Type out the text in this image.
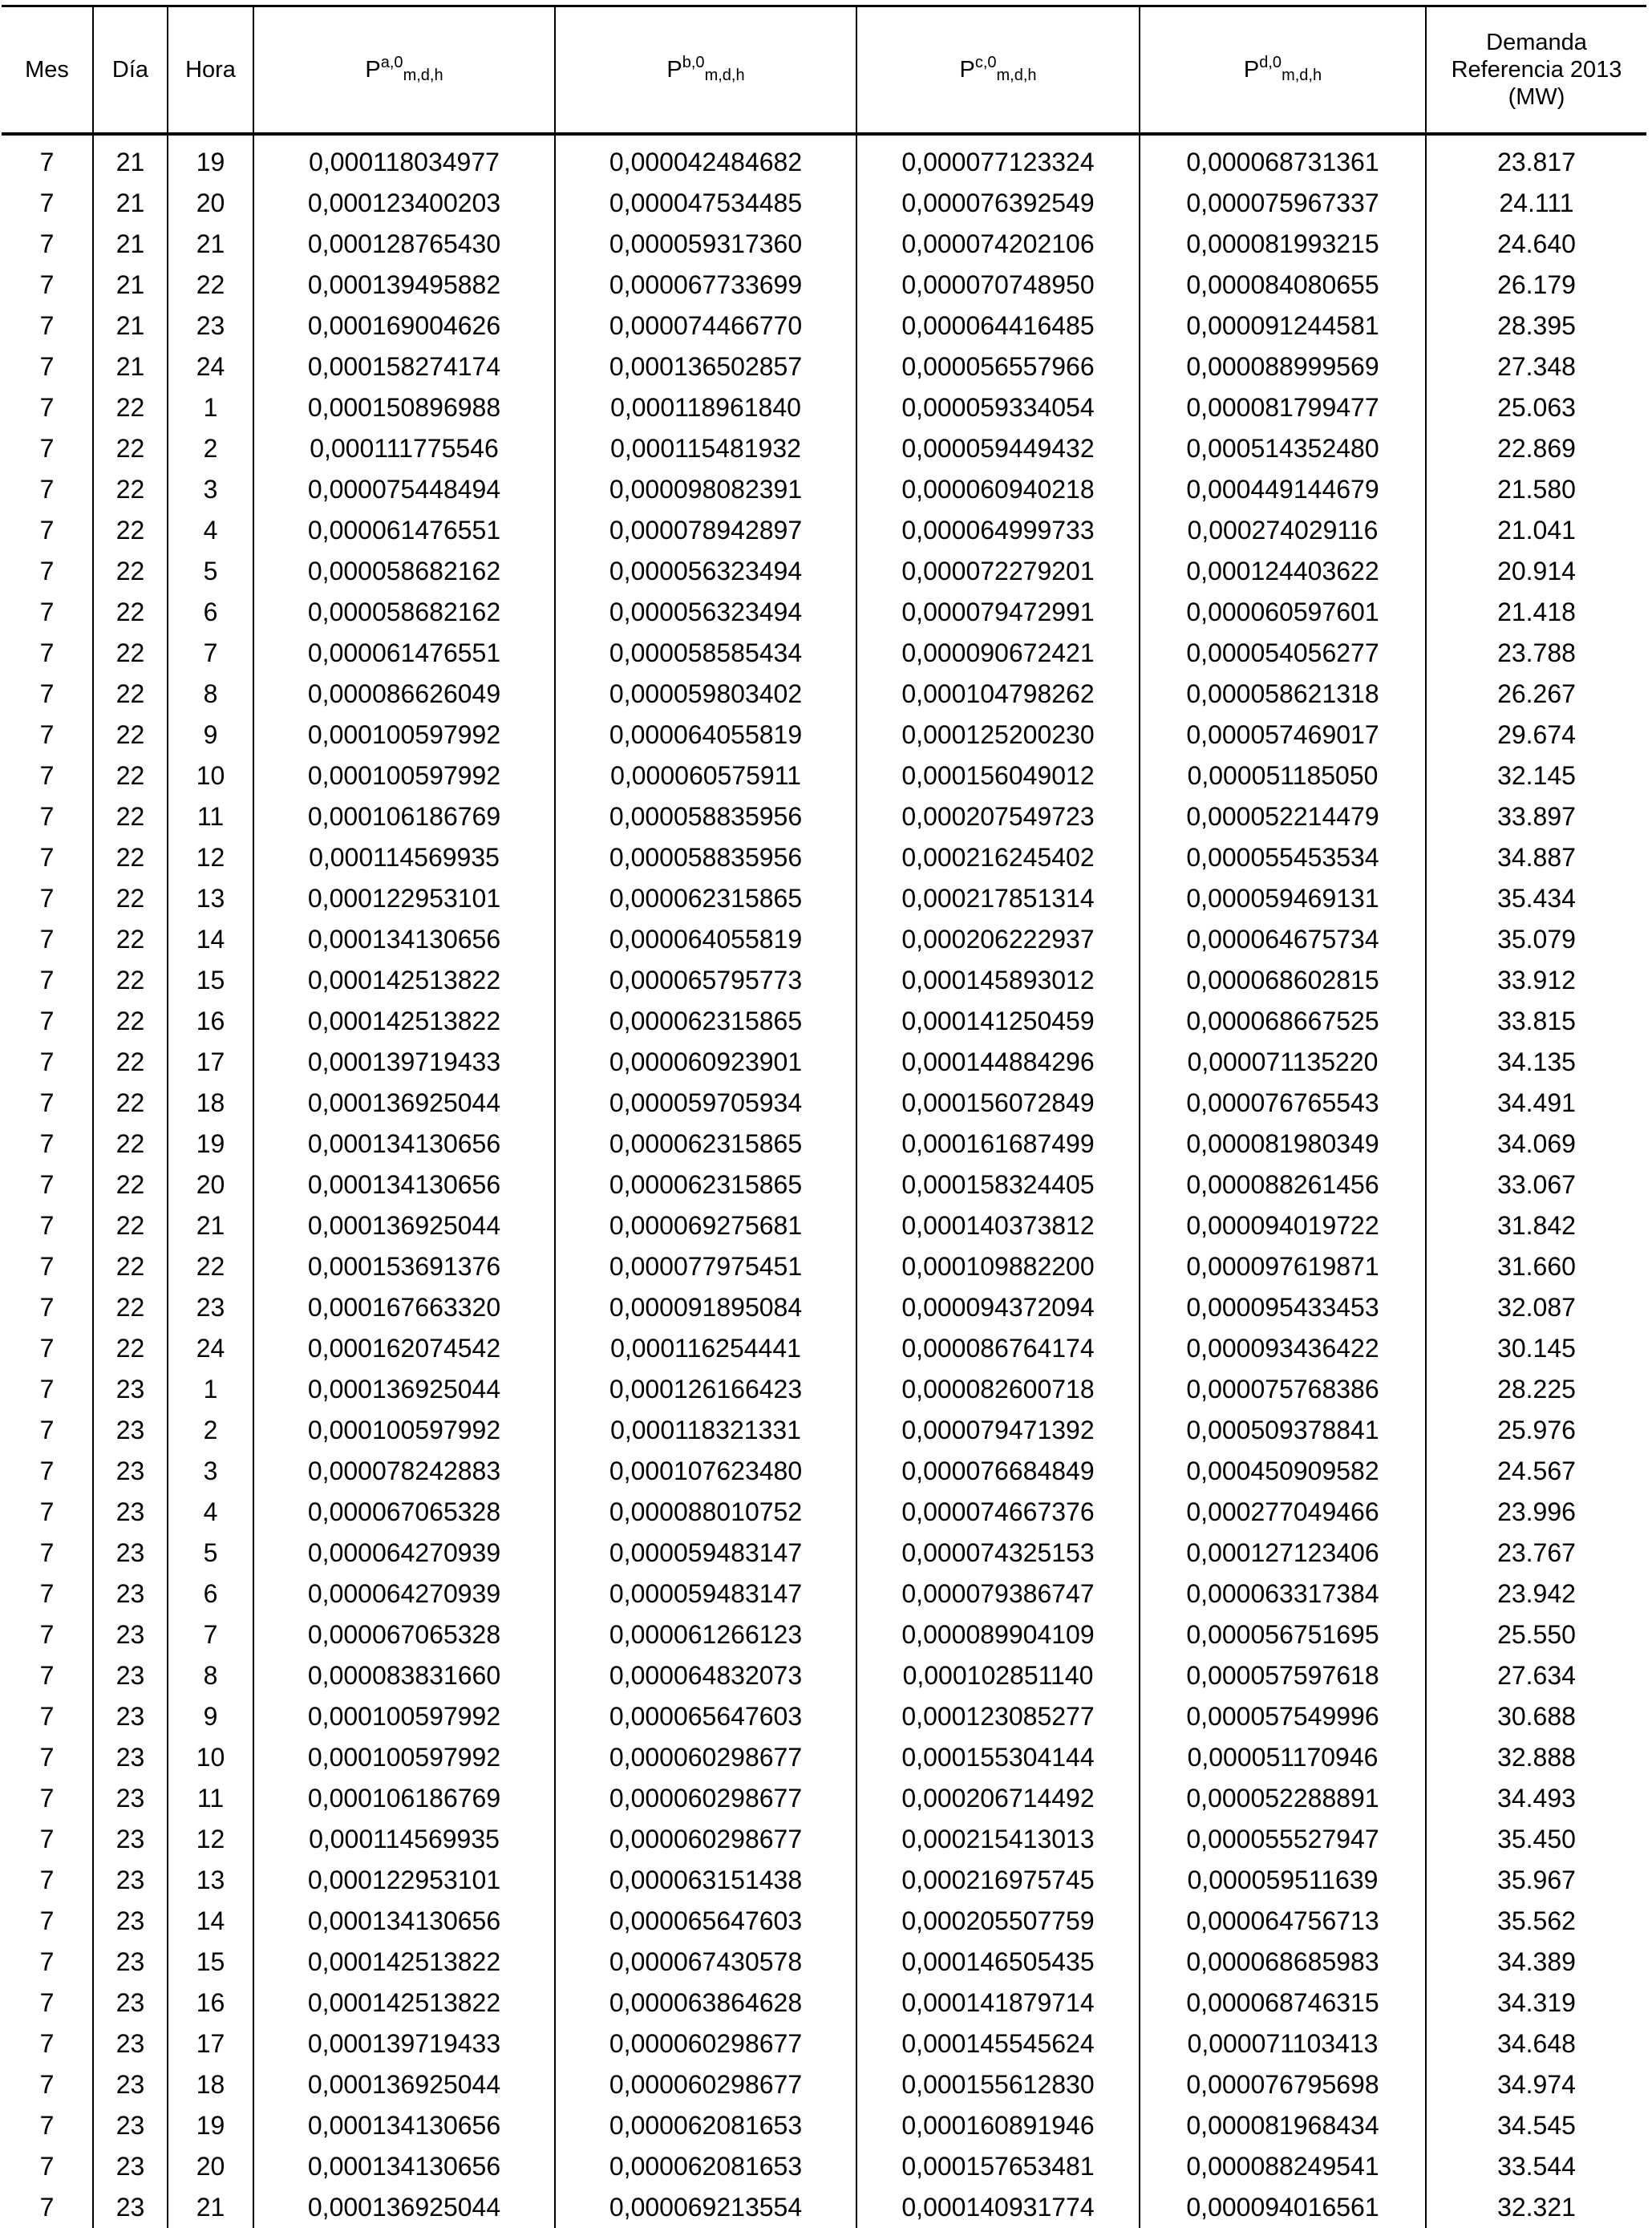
Mes	Día	Hora	P$^{a,0}_{m,d,h}$	P$^{b,0}_{m,d,h}$	P$^{c,0}_{m,d,h}$	P$^{d,0}_{m,d,h}$	Demanda
Referencia 2013
(MW)

7	21	19	0,000118034977	0,000042484682	0,000077123324	0,000068731361	23.817
7	21	20	0,000123400203	0,000047534485	0,000076392549	0,000075967337	24.111
7	21	21	0,000128765430	0,000059317360	0,000074202106	0,000081993215	24.640
7	21	22	0,000139495882	0,000067733699	0,000070748950	0,000084080655	26.179
7	21	23	0,000169004626	0,000074466770	0,000064416485	0,000091244581	28.395
7	21	24	0,000158274174	0,000136502857	0,000056557966	0,000088999569	27.348
7	22	1	0,000150896988	0,000118961840	0,000059334054	0,000081799477	25.063
7	22	2	0,000111775546	0,000115481932	0,000059449432	0,000514352480	22.869
7	22	3	0,000075448494	0,000098082391	0,000060940218	0,000449144679	21.580
7	22	4	0,000061476551	0,000078942897	0,000064999733	0,000274029116	21.041
7	22	5	0,000058682162	0,000056323494	0,000072279201	0,000124403622	20.914
7	22	6	0,000058682162	0,000056323494	0,000079472991	0,000060597601	21.418
7	22	7	0,000061476551	0,000058585434	0,000090672421	0,000054056277	23.788
7	22	8	0,000086626049	0,000059803402	0,000104798262	0,000058621318	26.267
7	22	9	0,000100597992	0,000064055819	0,000125200230	0,000057469017	29.674
7	22	10	0,000100597992	0,000060575911	0,000156049012	0,000051185050	32.145
7	22	11	0,000106186769	0,000058835956	0,000207549723	0,000052214479	33.897
7	22	12	0,000114569935	0,000058835956	0,000216245402	0,000055453534	34.887
7	22	13	0,000122953101	0,000062315865	0,000217851314	0,000059469131	35.434
7	22	14	0,000134130656	0,000064055819	0,000206222937	0,000064675734	35.079
7	22	15	0,000142513822	0,000065795773	0,000145893012	0,000068602815	33.912
7	22	16	0,000142513822	0,000062315865	0,000141250459	0,000068667525	33.815
7	22	17	0,000139719433	0,000060923901	0,000144884296	0,000071135220	34.135
7	22	18	0,000136925044	0,000059705934	0,000156072849	0,000076765543	34.491
7	22	19	0,000134130656	0,000062315865	0,000161687499	0,000081980349	34.069
7	22	20	0,000134130656	0,000062315865	0,000158324405	0,000088261456	33.067
7	22	21	0,000136925044	0,000069275681	0,000140373812	0,000094019722	31.842
7	22	22	0,000153691376	0,000077975451	0,000109882200	0,000097619871	31.660
7	22	23	0,000167663320	0,000091895084	0,000094372094	0,000095433453	32.087
7	22	24	0,000162074542	0,000116254441	0,000086764174	0,000093436422	30.145
7	23	1	0,000136925044	0,000126166423	0,000082600718	0,000075768386	28.225
7	23	2	0,000100597992	0,000118321331	0,000079471392	0,000509378841	25.976
7	23	3	0,000078242883	0,000107623480	0,000076684849	0,000450909582	24.567
7	23	4	0,000067065328	0,000088010752	0,000074667376	0,000277049466	23.996
7	23	5	0,000064270939	0,000059483147	0,000074325153	0,000127123406	23.767
7	23	6	0,000064270939	0,000059483147	0,000079386747	0,000063317384	23.942
7	23	7	0,000067065328	0,000061266123	0,000089904109	0,000056751695	25.550
7	23	8	0,000083831660	0,000064832073	0,000102851140	0,000057597618	27.634
7	23	9	0,000100597992	0,000065647603	0,000123085277	0,000057549996	30.688
7	23	10	0,000100597992	0,000060298677	0,000155304144	0,000051170946	32.888
7	23	11	0,000106186769	0,000060298677	0,000206714492	0,000052288891	34.493
7	23	12	0,000114569935	0,000060298677	0,000215413013	0,000055527947	35.450
7	23	13	0,000122953101	0,000063151438	0,000216975745	0,000059511639	35.967
7	23	14	0,000134130656	0,000065647603	0,000205507759	0,000064756713	35.562
7	23	15	0,000142513822	0,000067430578	0,000146505435	0,000068685983	34.389
7	23	16	0,000142513822	0,000063864628	0,000141879714	0,000068746315	34.319
7	23	17	0,000139719433	0,000060298677	0,000145545624	0,000071103413	34.648
7	23	18	0,000136925044	0,000060298677	0,000155612830	0,000076795698	34.974
7	23	19	0,000134130656	0,000062081653	0,000160891946	0,000081968434	34.545
7	23	20	0,000134130656	0,000062081653	0,000157653481	0,000088249541	33.544
7	23	21	0,000136925044	0,000069213554	0,000140931774	0,000094016561	32.321
